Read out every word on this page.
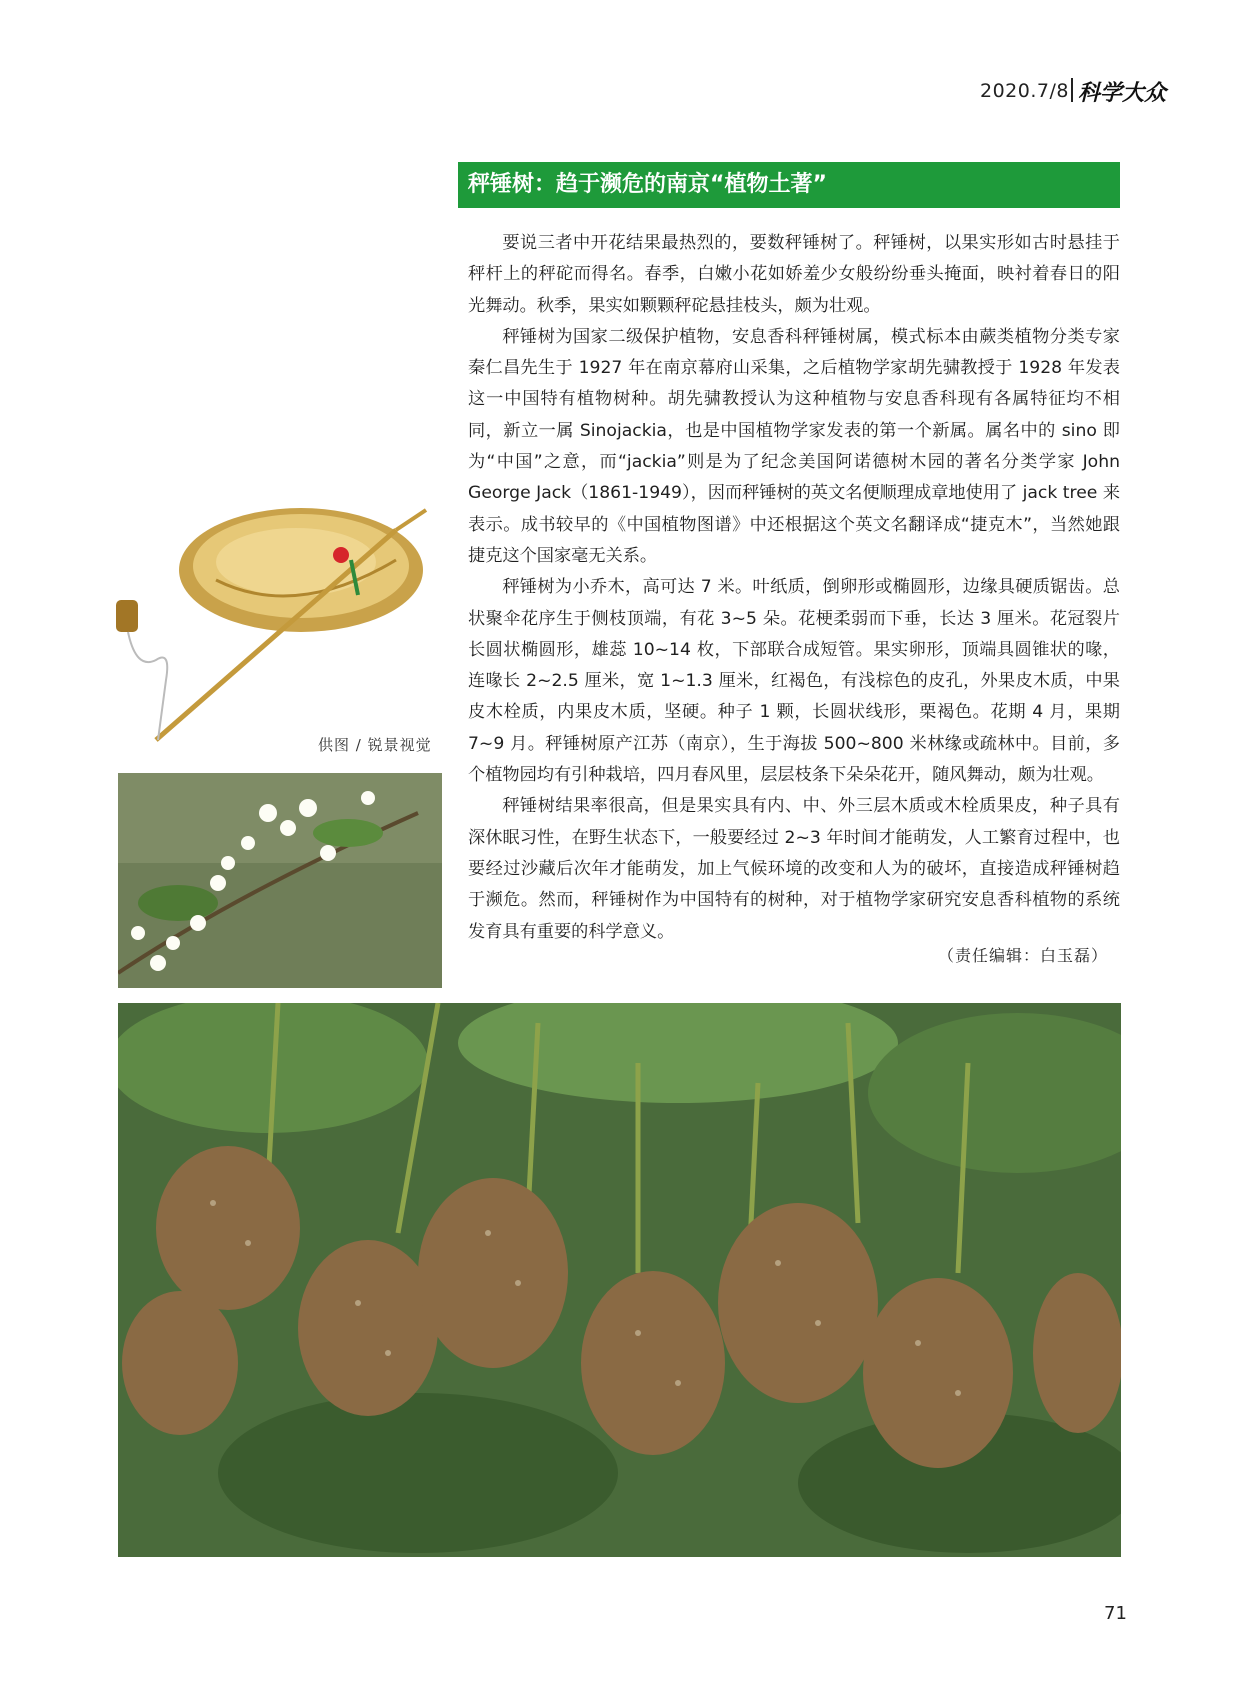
2020.7/8 科学大众
秤锤树：趋于濒危的南京“植物土著”

要说三者中开花结果最热烈的，要数秤锤树了。秤锤树，以果实形如古时悬挂于秤杆上的秤砣而得名。春季，白嫩小花如娇羞少女般纷纷垂头掩面，映衬着春日的阳光舞动。秋季，果实如颗颗秤砣悬挂枝头，颇为壮观。

秤锤树为国家二级保护植物，安息香科秤锤树属，模式标本由蕨类植物分类专家秦仁昌先生于 1927 年在南京幕府山采集，之后植物学家胡先骕教授于 1928 年发表这一中国特有植物树种。胡先骕教授认为这种植物与安息香科现有各属特征均不相同，新立一属 Sinojackia，也是中国植物学家发表的第一个新属。属名中的 sino 即为“中国”之意，而“jackia”则是为了纪念美国阿诺德树木园的著名分类学家 John George Jack（1861-1949），因而秤锤树的英文名便顺理成章地使用了 jack tree 来表示。成书较早的《中国植物图谱》中还根据这个英文名翻译成“捷克木”，当然她跟捷克这个国家毫无关系。

秤锤树为小乔木，高可达 7 米。叶纸质，倒卵形或椭圆形，边缘具硬质锯齿。总状聚伞花序生于侧枝顶端，有花 3~5 朵。花梗柔弱而下垂，长达 3 厘米。花冠裂片长圆状椭圆形，雄蕊 10~14 枚，下部联合成短管。果实卵形，顶端具圆锥状的喙，连喙长 2~2.5 厘米，宽 1~1.3 厘米，红褐色，有浅棕色的皮孔，外果皮木质，中果皮木栓质，内果皮木质，坚硬。种子 1 颗，长圆状线形，栗褐色。花期 4 月，果期 7~9 月。秤锤树原产江苏（南京），生于海拔 500~800 米林缘或疏林中。目前，多个植物园均有引种栽培，四月春风里，层层枝条下朵朵花开，随风舞动，颇为壮观。

秤锤树结果率很高，但是果实具有内、中、外三层木质或木栓质果皮，种子具有深休眠习性，在野生状态下，一般要经过 2~3 年时间才能萌发，人工繁育过程中，也要经过沙藏后次年才能萌发，加上气候环境的改变和人为的破坏，直接造成秤锤树趋于濒危。然而，秤锤树作为中国特有的树种，对于植物学家研究安息香科植物的系统发育具有重要的科学意义。

（责任编辑：白玉磊）
供图 / 锐景视觉
71
